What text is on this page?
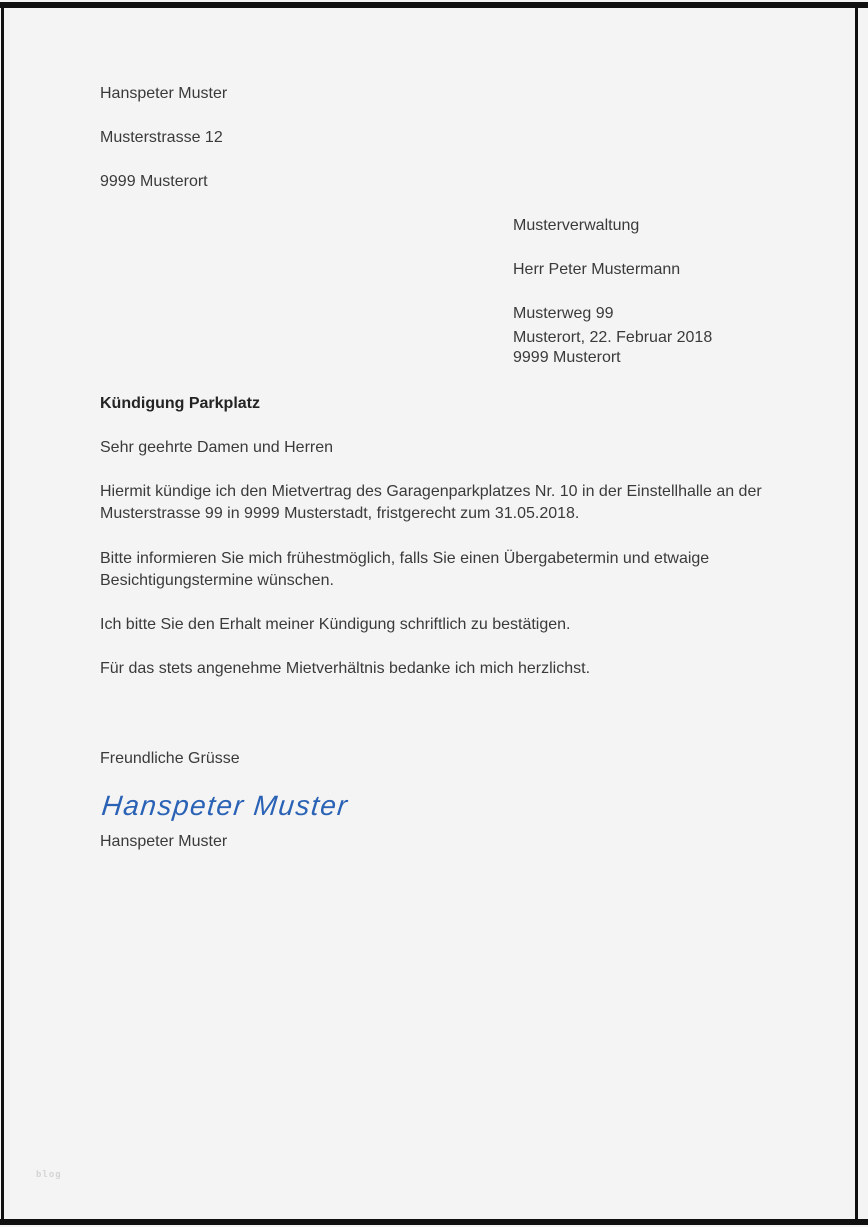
Hanspeter Muster

Musterstrasse 12

9999 Musterort

Musterverwaltung

Herr Peter Mustermann

Musterweg 99

9999 Musterort

Musterort, 22. Februar 2018
Kündigung Parkplatz
Sehr geehrte Damen und Herren
Hiermit kündige ich den Mietvertrag des Garagenparkplatzes Nr. 10 in der Einstellhalle an der Musterstrasse 99 in 9999 Musterstadt, fristgerecht zum 31.05.2018.
Bitte informieren Sie mich frühestmöglich, falls Sie einen Übergabetermin und etwaige Besichtigungstermine wünschen.
Ich bitte Sie den Erhalt meiner Kündigung schriftlich zu bestätigen.
Für das stets angenehme Mietverhältnis bedanke ich mich herzlichst.
Freundliche Grüsse
Hanspeter Muster
Hanspeter Muster
blog
